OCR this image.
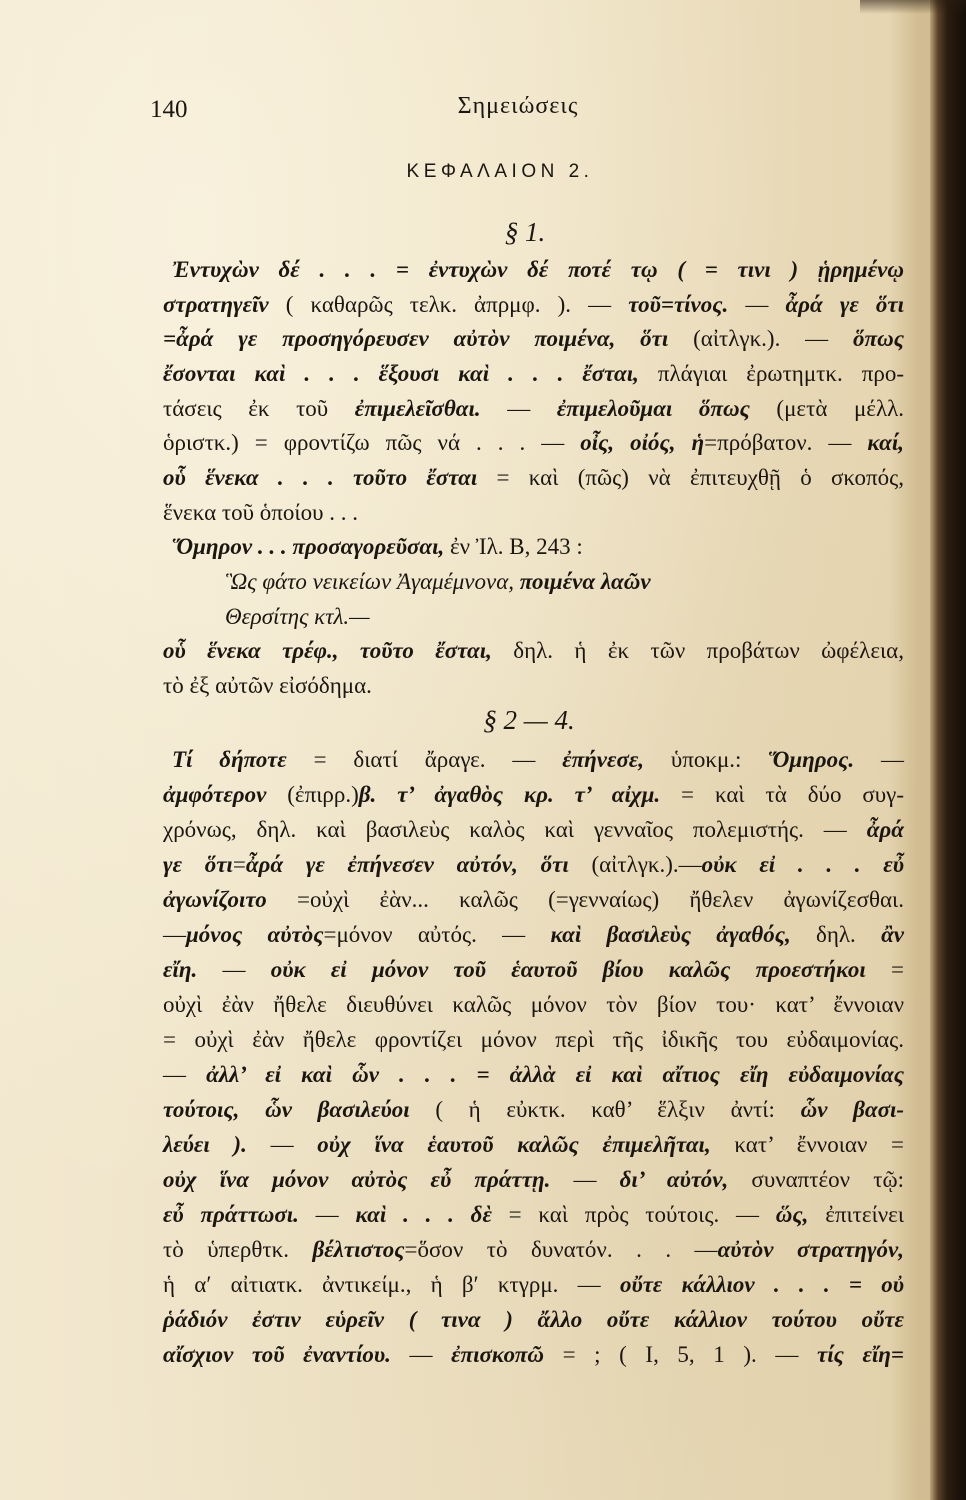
140	Σημειώσεις
ΚΕΦΑΛΑΙΟΝ 2.
§ 1.
Ἐντυχὼν δέ . . . = ἐντυχὼν δέ ποτέ τῳ ( = τινι ) ᾑρημένῳ
στρατηγεῖν ( καθαρῶς τελκ. ἀπρμφ. ). — τοῦ=τίνος. — ἆρά γε ὅτι
=ἆρά γε προσηγόρευσεν αὐτὸν ποιμένα, ὅτι (αἰτλγκ.). — ὅπως
ἔσονται καὶ . . . ἕξουσι καὶ . . . ἔσται, πλάγιαι ἐρωτημτκ. προ-
τάσεις ἐκ τοῦ ἐπιμελεῖσθαι. — ἐπιμελοῦμαι ὅπως (μετὰ μέλλ.
ὁριστκ.) = φροντίζω πῶς νά . . . — οἶς, οἰός, ἡ=πρόβατον. — καί,
οὗ ἕνεκα . . . τοῦτο ἔσται = καὶ (πῶς) νὰ ἐπιτευχθῇ ὁ σκοπός,
ἕνεκα τοῦ ὁποίου . . .
Ὅμηρον . . . προσαγορεῦσαι, ἐν Ἰλ. Β, 243 :
Ὣς φάτο νεικείων Ἀγαμέμνονα, ποιμένα λαῶν
Θερσίτης κτλ.—
οὗ ἕνεκα τρέφ., τοῦτο ἔσται, δηλ. ἡ ἐκ τῶν προβάτων ὠφέλεια,
τὸ ἐξ αὐτῶν εἰσόδημα.
§ 2 — 4.
Τί δήποτε = διατί ἄραγε. — ἐπήνεσε, ὑποκμ.: Ὅμηρος. —
ἀμφότερον (ἐπιρρ.)β. τ’ ἀγαθὸς κρ. τ’ αἰχμ. = καὶ τὰ δύο συγ-
χρόνως, δηλ. καὶ βασιλεὺς καλὸς καὶ γενναῖος πολεμιστής. — ἆρά
γε ὅτι=ἆρά γε ἐπήνεσεν αὐτόν, ὅτι (αἰτλγκ.).—οὐκ εἰ . . . εὖ
ἀγωνίζοιτο =οὐχὶ ἐὰν... καλῶς (=γενναίως) ἤθελεν ἀγωνίζεσθαι.
—μόνος αὐτὸς=μόνον αὐτός. — καὶ βασιλεὺς ἀγαθός, δηλ. ἂν
εἴη. — οὐκ εἰ μόνον τοῦ ἑαυτοῦ βίου καλῶς προεστήκοι =
οὐχὶ ἐὰν ἤθελε διευθύνει καλῶς μόνον τὸν βίον του· κατ’ ἔννοιαν
= οὐχὶ ἐὰν ἤθελε φροντίζει μόνον περὶ τῆς ἰδικῆς του εὐδαιμονίας.
— ἀλλ’ εἰ καὶ ὧν . . . = ἀλλὰ εἰ καὶ αἴτιος εἴη εὐδαιμονίας
τούτοις, ὧν βασιλεύοι ( ἡ εὐκτκ. καθ’ ἕλξιν ἀντί: ὧν βασι-
λεύει ). — οὐχ ἵνα ἑαυτοῦ καλῶς ἐπιμελῆται, κατ’ ἔννοιαν =
οὐχ ἵνα μόνον αὐτὸς εὖ πράττῃ. — δι’ αὐτόν, συναπτέον τῷ:
εὖ πράττωσι. — καὶ . . . δὲ = καὶ πρὸς τούτοις. — ὥς, ἐπιτείνει
τὸ ὑπερθτκ. βέλτιστος=ὅσον τὸ δυνατόν. . . —αὐτὸν στρατηγόν,
ἡ α′ αἰτιατκ. ἀντικείμ., ἡ β′ κτγρμ. — οὔτε κάλλιον . . . = οὐ
ῥάδιόν ἐστιν εὑρεῖν ( τινα ) ἄλλο οὔτε κάλλιον τούτου οὔτε
αἴσχιον τοῦ ἐναντίου. — ἐπισκοπῶ = ; ( I, 5, 1 ). — τίς εἴη=
